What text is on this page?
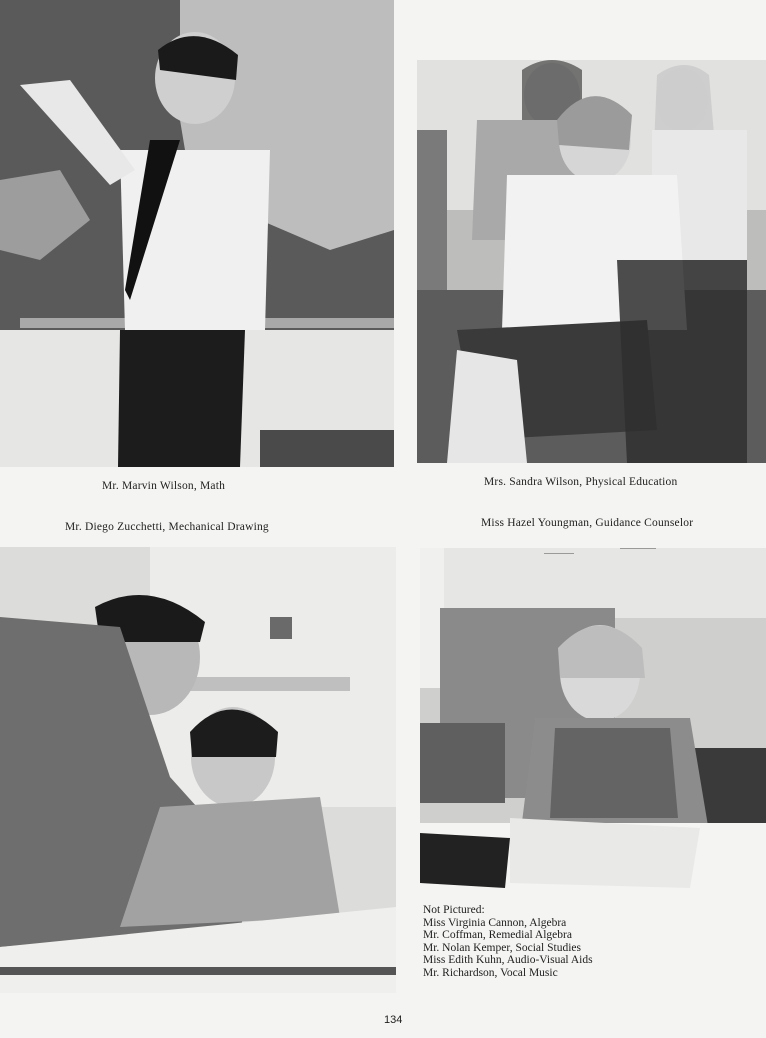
Mr. Marvin Wilson, Math	Mrs. Sandra Wilson, Physical Education
Mr. Diego Zucchetti, Mechanical Drawing	Miss Hazel Youngman, Guidance Counselor
Not Pictured:
Miss Virginia Cannon, Algebra
Mr. Coffman, Remedial Algebra
Mr. Nolan Kemper, Social Studies
Miss Edith Kuhn, Audio-Visual Aids
Mr. Richardson, Vocal Music
134
